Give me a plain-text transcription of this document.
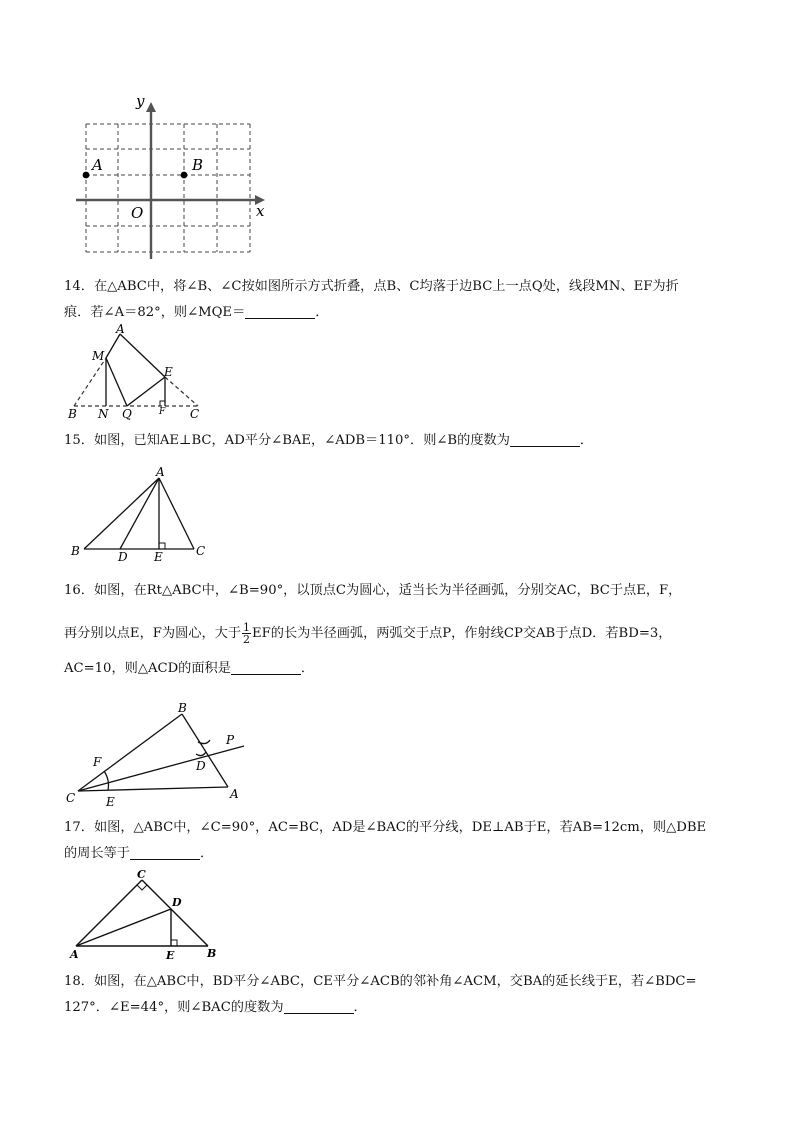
y
x
O
A	B
14．在△ABC中，将∠B、∠C按如图所示方式折叠，点B、C均落于边BC上一点Q处，线段MN、EF为折
痕．若∠A＝82°，则∠MQE＝	．
A
M
E
B N Q	F C
15．如图，已知AE⊥BC，AD平分∠BAE，∠ADB＝110°．则∠B的度数为	．
A
B	D E	C
16．如图，在Rt△ABC中，∠B=90°，以顶点C为圆心，适当长为半径画弧，分别交AC，BC于点E，F，
再分别以点E，F为圆心，大于 $\frac{1}{2}$ EF的长为半径画弧，两弧交于点P，作射线CP交AB于点D．若BD=3，
AC=10，则△ACD的面积是	．
B
P
F	D
C	E
A
17．如图，△ABC中，∠C=90°，AC=BC，AD是∠BAC的平分线，DE⊥AB于E，若AB=12cm，则△DBE
的周长等于	．
C
D
A	E	B
18．如图，在△ABC中，BD平分∠ABC，CE平分∠ACB的邻补角∠ACM，交BA的延长线于E，若∠BDC=
127°．∠E=44°，则∠BAC的度数为	．
